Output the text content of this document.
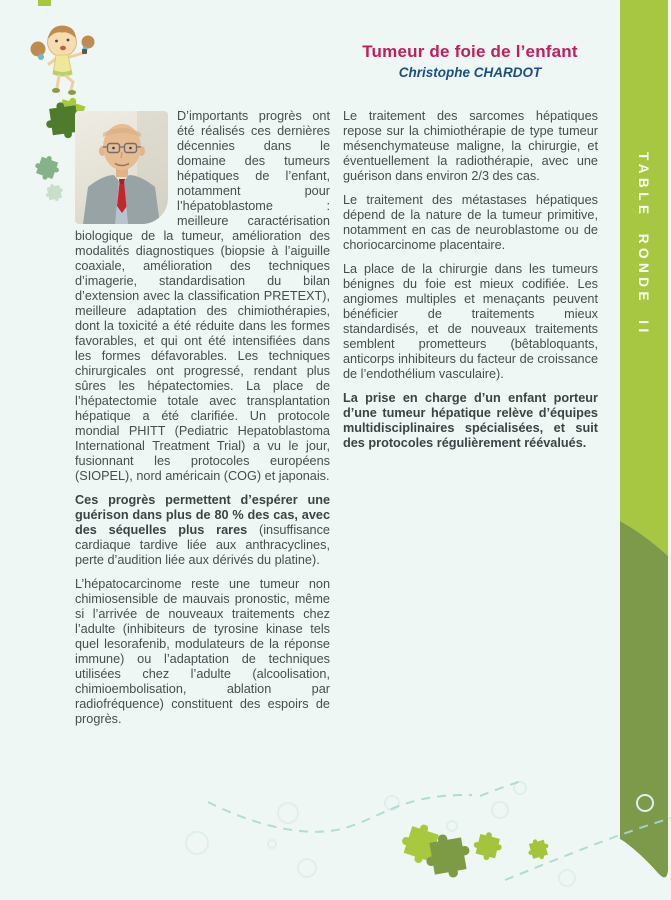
Tumeur de foie de l’enfant
Christophe CHARDOT
TABLE RONDE II

D’importants progrès ont été réalisés ces dernières décennies dans le domaine des tumeurs hépatiques de l’enfant, notamment pour l’hépatoblastome : meilleure caractérisation biologique de la tumeur, amélioration des modalités diagnostiques (biopsie à l’aiguille coaxiale, amélioration des techniques d’imagerie, standardisation du bilan d’extension avec la classification PRETEXT), meilleure adaptation des chimiothérapies, dont la toxicité a été réduite dans les formes favorables, et qui ont été intensifiées dans les formes défavorables. Les techniques chirurgicales ont progressé, rendant plus sûres les hépatectomies. La place de l’hépatectomie totale avec transplantation hépatique a été clarifiée. Un protocole mondial PHITT (Pediatric Hepatoblastoma International Treatment Trial) a vu le jour, fusionnant les protocoles européens (SIOPEL), nord américain (COG) et japonais.

Ces progrès permettent d’espérer une guérison dans plus de 80 % des cas, avec des séquelles plus rares (insuffisance cardiaque tardive liée aux anthracyclines, perte d’audition liée aux dérivés du platine).

L’hépatocarcinome reste une tumeur non chimiosensible de mauvais pronostic, même si l’arrivée de nouveaux traitements chez l’adulte (inhibiteurs de tyrosine kinase tels quel lesorafenib, modulateurs de la réponse immune) ou l’adaptation de techniques utilisées chez l’adulte (alcoolisation, chimioembolisation, ablation par radiofréquence) constituent des espoirs de progrès.

Le traitement des sarcomes hépatiques repose sur la chimiothérapie de type tumeur mésenchymateuse maligne, la chirurgie, et éventuellement la radiothérapie, avec une guérison dans environ 2/3 des cas.

Le traitement des métastases hépatiques dépend de la nature de la tumeur primitive, notamment en cas de neuroblastome ou de choriocarcinome placentaire.

La place de la chirurgie dans les tumeurs bénignes du foie est mieux codifiée. Les angiomes multiples et menaçants peuvent bénéficier de traitements mieux standardisés, et de nouveaux traitements semblent prometteurs (bêtabloquants, anticorps inhibiteurs du facteur de croissance de l’endothélium vasculaire).

La prise en charge d’un enfant porteur d’une tumeur hépatique relève d’équipes multidisciplinaires spécialisées, et suit des protocoles régulièrement réévalués.
